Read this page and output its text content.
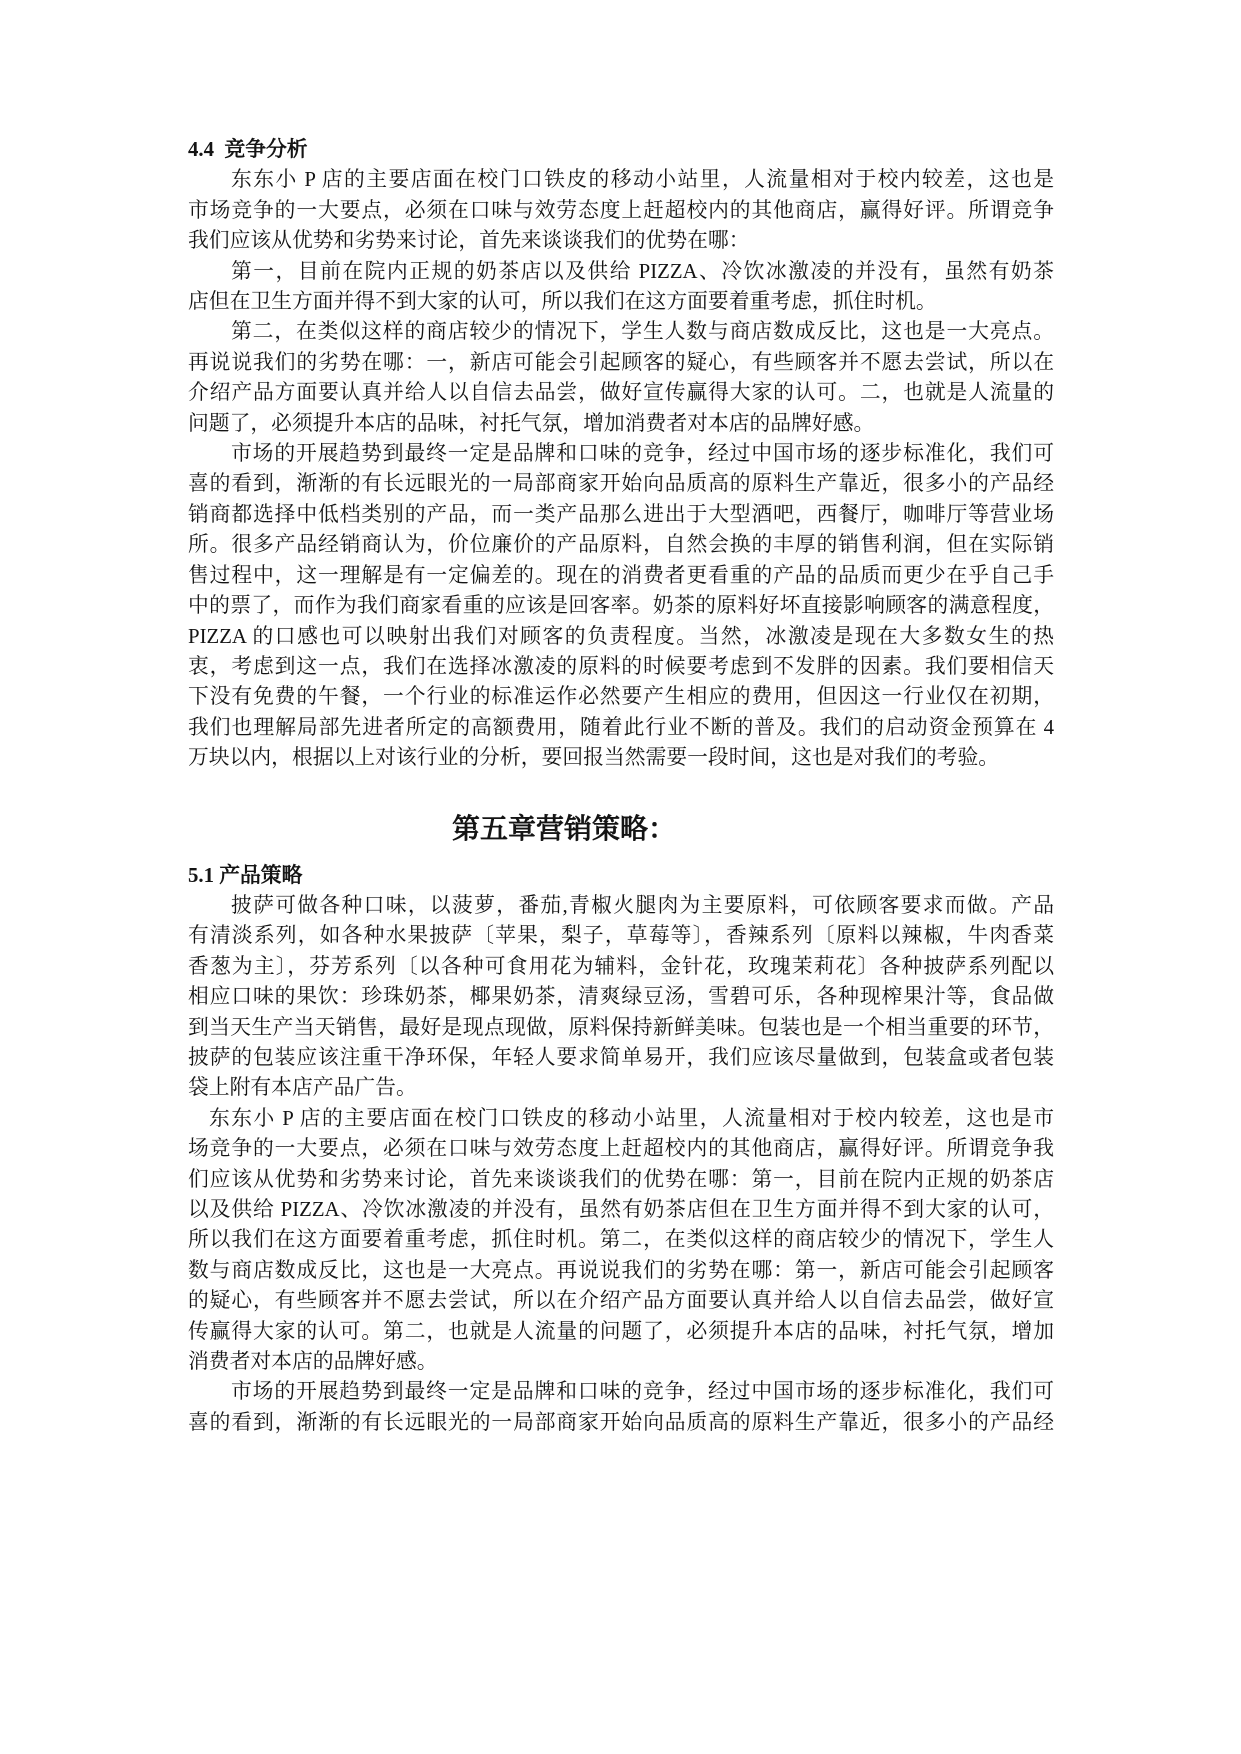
4.4  竞争分析
东东小 P 店的主要店面在校门口铁皮的移动小站里，人流量相对于校内较差，这也是
市场竞争的一大要点，必须在口味与效劳态度上赶超校内的其他商店，赢得好评。所谓竞争
我们应该从优势和劣势来讨论，首先来谈谈我们的优势在哪：
第一，目前在院内正规的奶茶店以及供给 PIZZA、冷饮冰激凌的并没有，虽然有奶茶
店但在卫生方面并得不到大家的认可，所以我们在这方面要着重考虑，抓住时机。
第二，在类似这样的商店较少的情况下，学生人数与商店数成反比，这也是一大亮点。
再说说我们的劣势在哪：一，新店可能会引起顾客的疑心，有些顾客并不愿去尝试，所以在
介绍产品方面要认真并给人以自信去品尝，做好宣传赢得大家的认可。二，也就是人流量的
问题了，必须提升本店的品味，衬托气氛，增加消费者对本店的品牌好感。
市场的开展趋势到最终一定是品牌和口味的竞争，经过中国市场的逐步标准化，我们可
喜的看到，渐渐的有长远眼光的一局部商家开始向品质高的原料生产靠近，很多小的产品经
销商都选择中低档类别的产品，而一类产品那么进出于大型酒吧，西餐厅，咖啡厅等营业场
所。很多产品经销商认为，价位廉价的产品原料，自然会换的丰厚的销售利润，但在实际销
售过程中，这一理解是有一定偏差的。现在的消费者更看重的产品的品质而更少在乎自己手
中的票了，而作为我们商家看重的应该是回客率。奶茶的原料好坏直接影响顾客的满意程度，
PIZZA 的口感也可以映射出我们对顾客的负责程度。当然，冰激凌是现在大多数女生的热
衷，考虑到这一点，我们在选择冰激凌的原料的时候要考虑到不发胖的因素。我们要相信天
下没有免费的午餐，一个行业的标准运作必然要产生相应的费用，但因这一行业仅在初期，
我们也理解局部先进者所定的高额费用，随着此行业不断的普及。我们的启动资金预算在 4
万块以内，根据以上对该行业的分析，要回报当然需要一段时间，这也是对我们的考验。
第五章营销策略：
5.1 产品策略
披萨可做各种口味，以菠萝，番茄,青椒火腿肉为主要原料，可依顾客要求而做。产品
有清淡系列，如各种水果披萨〔苹果，梨子，草莓等〕，香辣系列〔原料以辣椒，牛肉香菜
香葱为主〕，芬芳系列〔以各种可食用花为辅料，金针花，玫瑰茉莉花〕各种披萨系列配以
相应口味的果饮：珍珠奶茶，椰果奶茶，清爽绿豆汤，雪碧可乐，各种现榨果汁等，食品做
到当天生产当天销售，最好是现点现做，原料保持新鲜美味。包装也是一个相当重要的环节，
披萨的包装应该注重干净环保，年轻人要求简单易开，我们应该尽量做到，包装盒或者包装
袋上附有本店产品广告。
东东小 P 店的主要店面在校门口铁皮的移动小站里，人流量相对于校内较差，这也是市
场竞争的一大要点，必须在口味与效劳态度上赶超校内的其他商店，赢得好评。所谓竞争我
们应该从优势和劣势来讨论，首先来谈谈我们的优势在哪：第一，目前在院内正规的奶茶店
以及供给 PIZZA、冷饮冰激凌的并没有，虽然有奶茶店但在卫生方面并得不到大家的认可，
所以我们在这方面要着重考虑，抓住时机。第二，在类似这样的商店较少的情况下，学生人
数与商店数成反比，这也是一大亮点。再说说我们的劣势在哪：第一，新店可能会引起顾客
的疑心，有些顾客并不愿去尝试，所以在介绍产品方面要认真并给人以自信去品尝，做好宣
传赢得大家的认可。第二，也就是人流量的问题了，必须提升本店的品味，衬托气氛，增加
消费者对本店的品牌好感。
市场的开展趋势到最终一定是品牌和口味的竞争，经过中国市场的逐步标准化，我们可
喜的看到，渐渐的有长远眼光的一局部商家开始向品质高的原料生产靠近，很多小的产品经
